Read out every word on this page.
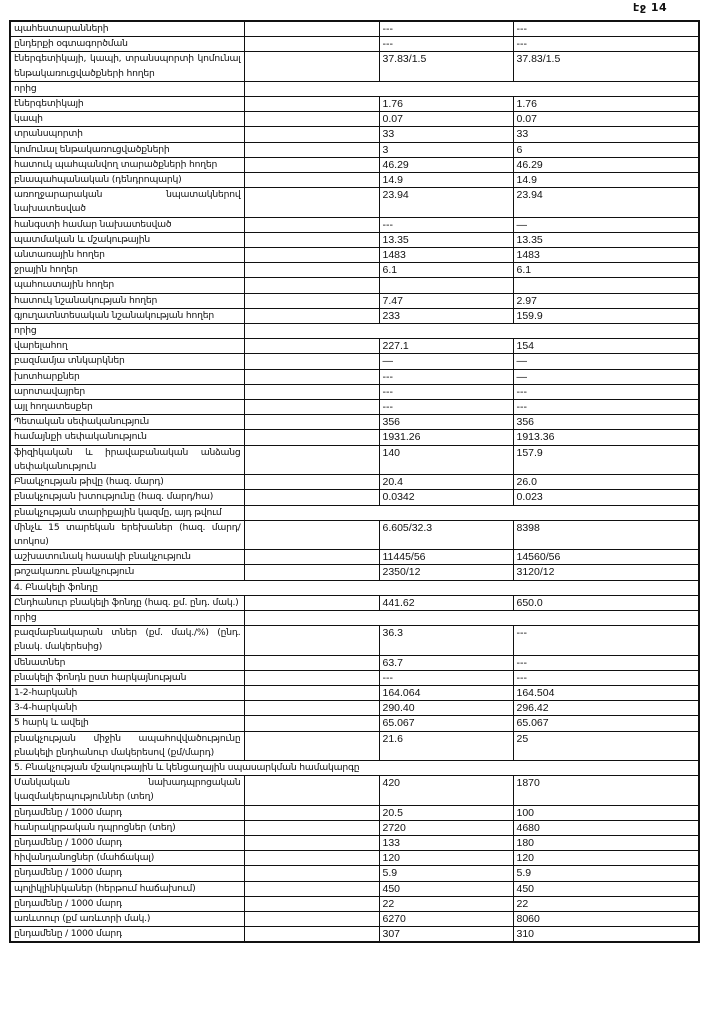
էջ 14
պահեստարանների		---	---
ընդերքի օգտագործման		---	---
էներգետիկայի, կապի, տրանսպորտի կոմունալ ենթակառուցվածքների հողեր		37.83/1.5	37.83/1.5
որից			
էներգետիկայի		1.76	1.76
կապի		0.07	0.07
տրանսպորտի		33	33
կոմունալ ենթակառուցվածքների		3	6
հատուկ պահպանվող տարածքների հողեր		46.29	46.29
բնապահպանական (դենդրոպարկ)		14.9	14.9
առողջարարական նպատակներով նախատեսված		23.94	23.94
հանգստի համար նախատեսված		---	—
պատմական և մշակութային		13.35	13.35
անտառային հողեր		1483	1483
ջրային հողեր		6.1	6.1
պահուստային հողեր			
հատուկ նշանակության հողեր		7.47	2.97
գյուղատնտեսական նշանակության հողեր		233	159.9
որից			
վարելահող		227.1	154
բազմամյա տնկարկներ		—	—
խոտհարքներ		---	—
արոտավայրեր		---	---
այլ հողատեսքեր		---	---
Պետական սեփականություն		356	356
համայնքի սեփականություն		1931.26	1913.36
ֆիզիկական և իրավաբանական անձանց սեփականություն		140	157.9
Բնակչության թիվը (հազ. մարդ)		20.4	26.0
բնակչության խտությունը (հազ. մարդ/հա)		0.0342	0.023
բնակչության տարիքային կազմը, այդ թվում			
մինչև 15 տարեկան երեխաներ (հազ. մարդ/տոկոս)		6.605/32.3	8398
աշխատունակ հասակի բնակչություն		11445/56	14560/56
թոշակառու բնակչություն		2350/12	3120/12
4. Բնակելի ֆոնդը			
Ընդհանուր բնակելի ֆոնդը (հազ. քմ. ընդ. մակ.)		441.62	650.0
որից			
բազմաբնակարան տներ (քմ. մակ./%) (ընդ. բնակ. մակերեսից)		36.3	---
մենատներ		63.7	---
բնակելի ֆոնդն ըստ հարկայնության		---	---
1-2-հարկանի		164.064	164.504
3-4-հարկանի		290.40	296.42
5 հարկ և ավելի		65.067	65.067
բնակչության միջին ապահովվածությունը բնակելի ընդհանուր մակերեսով (քմ/մարդ)		21.6	25
5. Բնակչության մշակութային և կենցաղային սպասարկման համակարգը			
Մանկական նախադպրոցական կազմակերպություններ (տեղ)		420	1870
ընդամենը / 1000 մարդ		20.5	100
հանրակրթական դպրոցներ (տեղ)		2720	4680
ընդամենը / 1000 մարդ		133	180
հիվանդանոցներ (մահճակալ)		120	120
ընդամենը / 1000 մարդ		5.9	5.9
պոլիկլինիկաներ (հերթում հաճախում)		450	450
ընդամենը / 1000 մարդ		22	22
առևտուր (քմ առևտրի մակ.)		6270	8060
ընդամենը / 1000 մարդ		307	310
